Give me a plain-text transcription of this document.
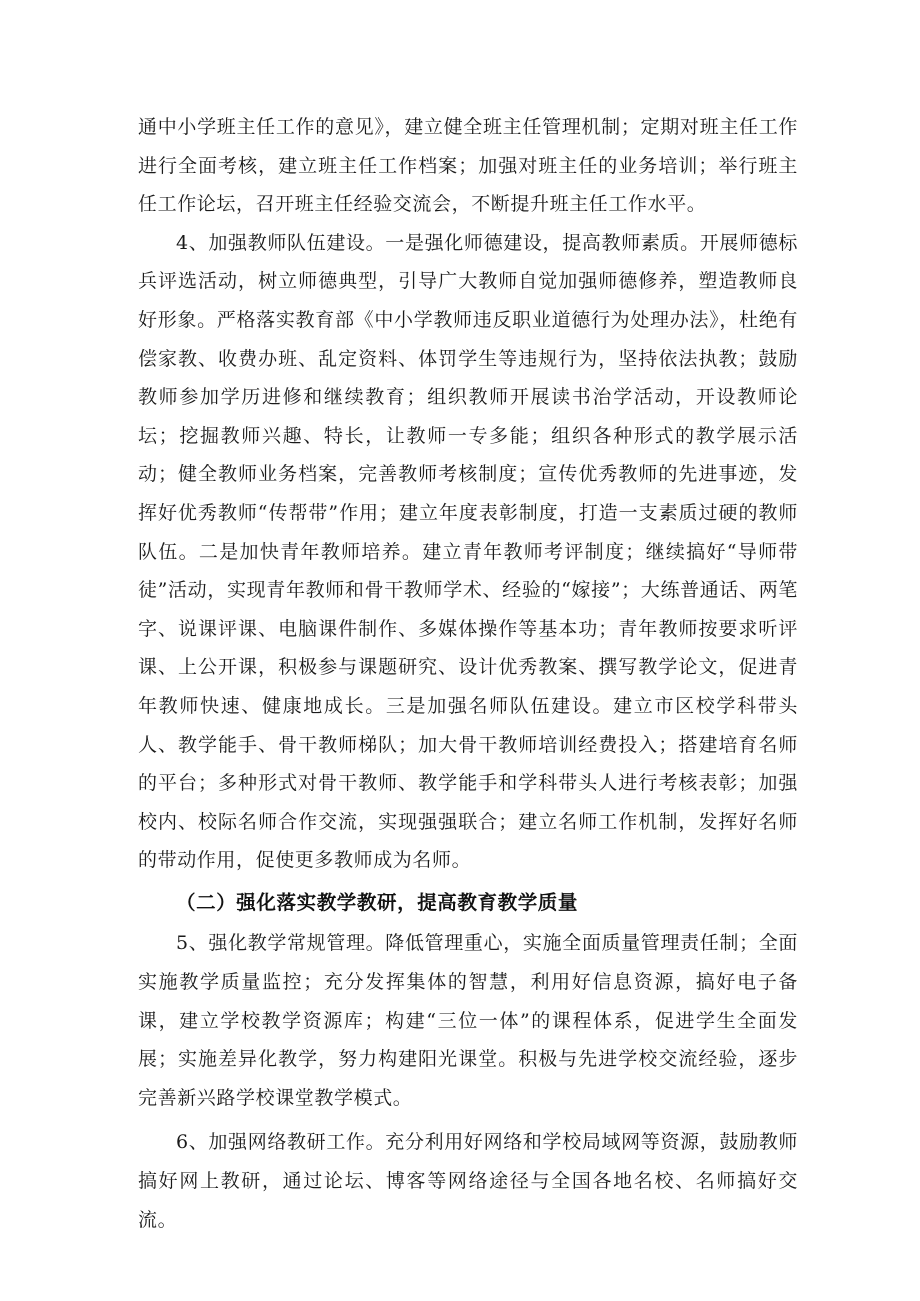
通中小学班主任工作的意见》，建立健全班主任管理机制；定期对班主任工作进行全面考核，建立班主任工作档案；加强对班主任的业务培训；举行班主任工作论坛，召开班主任经验交流会，不断提升班主任工作水平。

4、加强教师队伍建设。一是强化师德建设，提高教师素质。开展师德标兵评选活动，树立师德典型，引导广大教师自觉加强师德修养，塑造教师良好形象。严格落实教育部《中小学教师违反职业道德行为处理办法》，杜绝有偿家教、收费办班、乱定资料、体罚学生等违规行为，坚持依法执教；鼓励教师参加学历进修和继续教育；组织教师开展读书治学活动，开设教师论坛；挖掘教师兴趣、特长，让教师一专多能；组织各种形式的教学展示活动；健全教师业务档案，完善教师考核制度；宣传优秀教师的先进事迹，发挥好优秀教师“传帮带”作用；建立年度表彰制度，打造一支素质过硬的教师队伍。二是加快青年教师培养。建立青年教师考评制度；继续搞好“导师带徒”活动，实现青年教师和骨干教师学术、经验的“嫁接”；大练普通话、两笔字、说课评课、电脑课件制作、多媒体操作等基本功；青年教师按要求听评课、上公开课，积极参与课题研究、设计优秀教案、撰写教学论文，促进青年教师快速、健康地成长。三是加强名师队伍建设。建立市区校学科带头人、教学能手、骨干教师梯队；加大骨干教师培训经费投入；搭建培育名师的平台；多种形式对骨干教师、教学能手和学科带头人进行考核表彰；加强校内、校际名师合作交流，实现强强联合；建立名师工作机制，发挥好名师的带动作用，促使更多教师成为名师。

（二）强化落实教学教研，提高教育教学质量

5、强化教学常规管理。降低管理重心，实施全面质量管理责任制；全面实施教学质量监控；充分发挥集体的智慧，利用好信息资源，搞好电子备课，建立学校教学资源库；构建“三位一体”的课程体系，促进学生全面发展；实施差异化教学，努力构建阳光课堂。积极与先进学校交流经验，逐步完善新兴路学校课堂教学模式。

6、加强网络教研工作。充分利用好网络和学校局域网等资源，鼓励教师搞好网上教研，通过论坛、博客等网络途径与全国各地名校、名师搞好交流。
